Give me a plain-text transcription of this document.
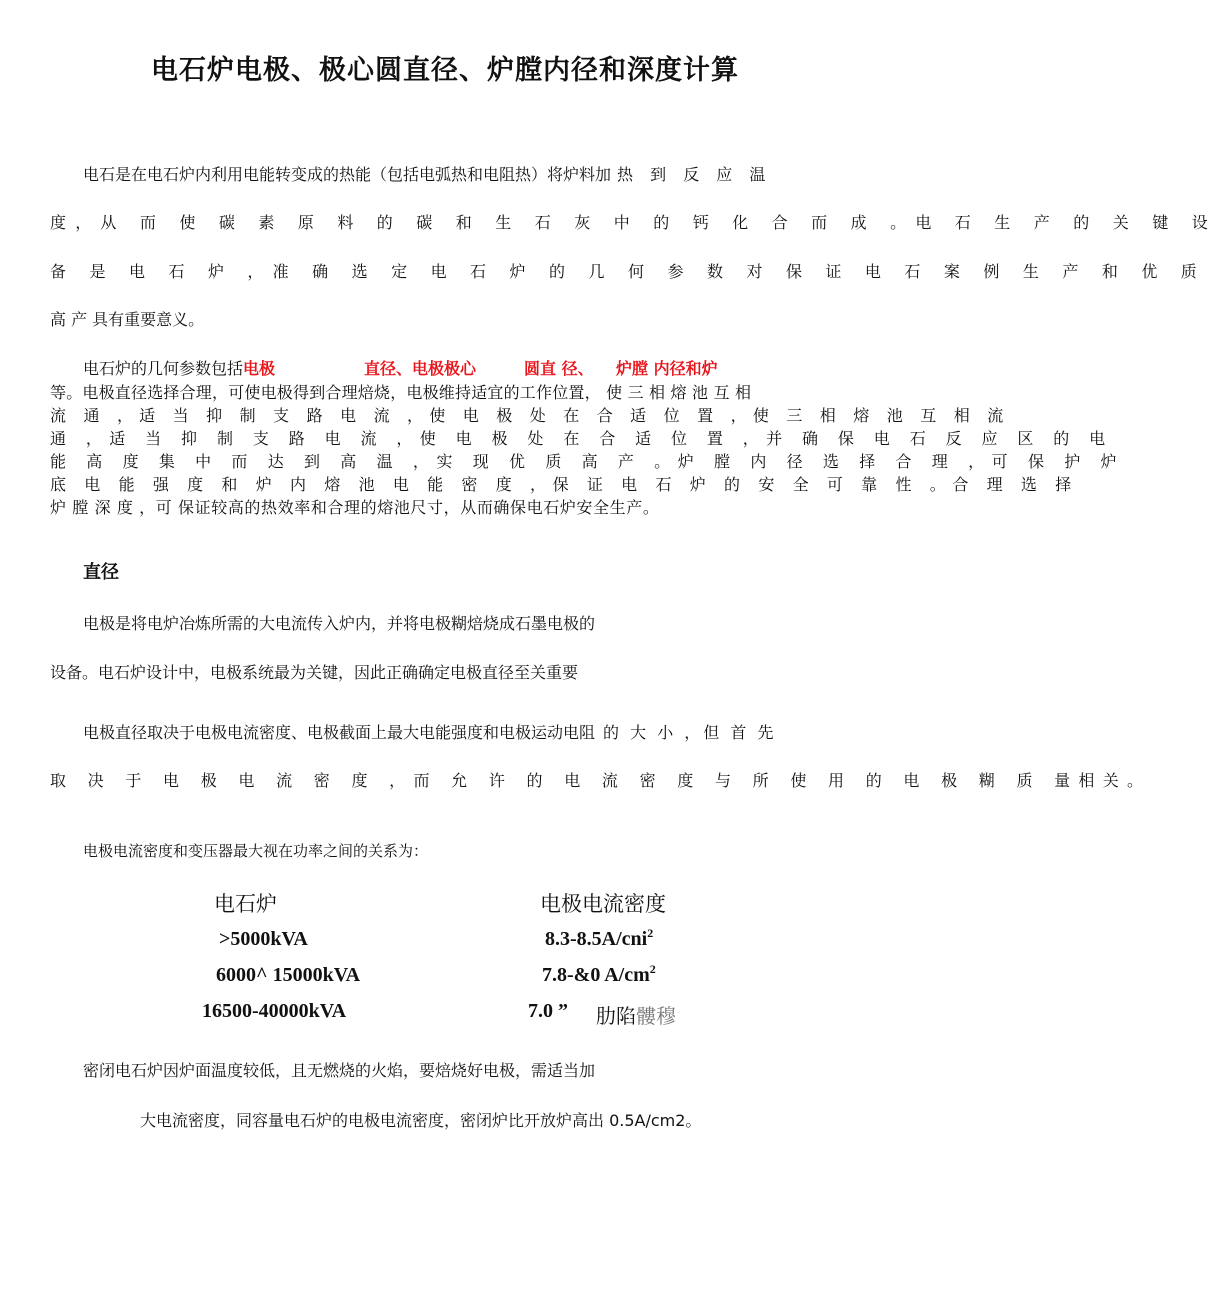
电石炉电极、极心圆直径、炉膛内径和深度计算
电石是在电石炉内利用电能转变成的热能（包括电弧热和电阻热）将炉料加 热 到 反 应 温
度，从 而 使 碳 素 原 料 的 碳 和 生 石 灰 中 的 钙 化 合 而 成 。电 石 生 产 的 关 键 设
备 是 电 石 炉 ，准 确 选 定 电 石 炉 的 几 何 参 数 对 保 证 电 石 案 例 生 产 和 优 质
高 产 具有重要意义。
电石炉的几何参数包括电极	直径、电极极心	圆直 径、 炉膛 内径和炉
等。电极直径选择合理，可使电极得到合理焙烧，电极维持适宜的工作位置， 使 三 相 熔 池 互 相
流 通 ，适 当 抑 制 支 路 电 流 ，使 电 极 处 在 合 适 位 置 ，使 三 相 熔 池 互 相 流
通 ，适 当 抑 制 支 路 电 流 ，使 电 极 处 在 合 适 位 置 ，并 确 保 电 石 反 应 区 的 电
能 高 度 集 中 而 达 到 高 温 ，实 现 优 质 高 产 。炉 膛 内 径 选 择 合 理 ，可 保 护 炉
底 电 能 强 度 和 炉 内 熔 池 电 能 密 度 ，保 证 电 石 炉 的 安 全 可 靠 性 。合 理 选 择
炉 膛 深 度 ，可 保证较高的热效率和合理的熔池尺寸，从而确保电石炉安全生产。
直径
电极是将电炉冶炼所需的大电流传入炉内，并将电极糊焙烧成石墨电极的
设备。电石炉设计中，电极系统最为关键，因此正确确定电极直径至关重要
电极直径取决于电极电流密度、电极截面上最大电能强度和电极运动电阻 的 大 小 ，但 首 先
取 决 于 电 极 电 流 密 度 ，而 允 许 的 电 流 密 度 与 所 使 用 的 电 极 糊 质 量相关。
电极电流密度和变压器最大视在功率之间的关系为：
电石炉	电极电流密度
>5000kVA	8.3-8.5A/cni$^2$
6000^ 15000kVA	7.8-&0 $A/cm^2$
16500-40000kVA	7.0 ” 肋陷髏穆
密闭电石炉因炉面温度较低，且无燃烧的火焰，要焙烧好电极，需适当加
大电流密度，同容量电石炉的电极电流密度，密闭炉比开放炉高出 0.5A/cm2。
